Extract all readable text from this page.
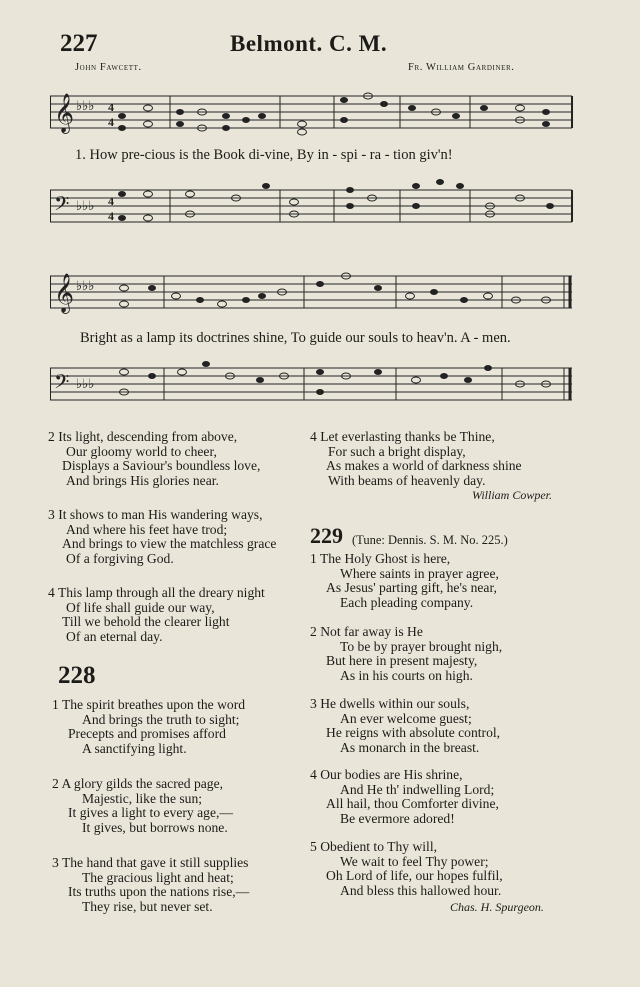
227	Belmont. C. M.
John Fawcett.	Fr. William Gardiner.
𝄞 ♭♭♭ 4
4
1. How pre-cious is the Book di-vine, By in - spi - ra - tion giv'n!
𝄢 ♭♭♭ 4
4
𝄞 ♭♭♭
Bright as a lamp its doctrines shine, To guide our souls to heav'n. A - men.
𝄢 ♭♭♭
2 Its light, descending from above,
Our gloomy world to cheer,
Displays a Saviour's boundless love,
And brings His glories near.
3 It shows to man His wandering ways,
And where his feet have trod;
And brings to view the matchless grace
Of a forgiving God.
4 This lamp through all the dreary night
Of life shall guide our way,
Till we behold the clearer light
Of an eternal day.
4 Let everlasting thanks be Thine,
For such a bright display,
As makes a world of darkness shine
With beams of heavenly day.
William Cowper.
229 (Tune: Dennis. S. M. No. 225.)
1 The Holy Ghost is here,
Where saints in prayer agree,
As Jesus' parting gift, he's near,
Each pleading company.
2 Not far away is He
To be by prayer brought nigh,
But here in present majesty,
As in his courts on high.
3 He dwells within our souls,
An ever welcome guest;
He reigns with absolute control,
As monarch in the breast.
4 Our bodies are His shrine,
And He th' indwelling Lord;
All hail, thou Comforter divine,
Be evermore adored!
5 Obedient to Thy will,
We wait to feel Thy power;
Oh Lord of life, our hopes fulfil,
And bless this hallowed hour.
Chas. H. Spurgeon.
228
1 The spirit breathes upon the word
And brings the truth to sight;
Precepts and promises afford
A sanctifying light.
2 A glory gilds the sacred page,
Majestic, like the sun;
It gives a light to every age,—
It gives, but borrows none.
3 The hand that gave it still supplies
The gracious light and heat;
Its truths upon the nations rise,—
They rise, but never set.
